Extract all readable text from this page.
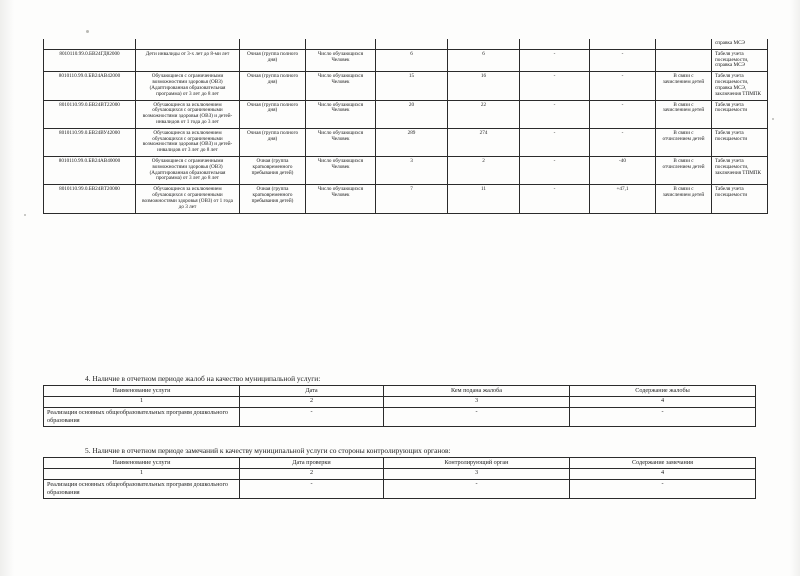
									справка МСЭ
8010110.99.0.БВ24ГД82000	Дети инвалиды от 3-х лет до 8-ми лет	Очная (группа полного дня)	Число обучающихся Человек	6	6	-	-		Табеля учета посещаемости, справка МСЭ
8010110.99.0.БВ24АВ42000	Обучающиеся с ограниченными возможностями здоровья (ОВЗ) (Адаптированная образовательная программа) от 3 лет до 8 лет	Очная (группа полного дня)	Число обучающихся Человек	15	16	-	-	В связи с зачислением детей	Табеля учета посещаемости, справка МСЭ, заключения ТПМПК
8010110.99.0.БВ24ВТ22000	Обучающиеся за исключением обучающихся с ограниченными возможностями здоровья (ОВЗ) и детей-инвалидов от 1 года до 3 лет	Очная (группа полного дня)	Число обучающихся Человек	20	22	-	-	В связи с зачислением детей	Табеля учета посещаемости
8010110.99.0.БВ24ВУ42000	Обучающиеся за исключением обучающихся с ограниченными возможностями здоровья (ОВЗ) и детей-инвалидов от 3 лет до 8 лет	Очная (группа полного дня)	Число обучающихся Человек	289	274	-	-	В связи с отчислением детей	Табеля учета посещаемости
8010110.99.0.БВ24АВ40000	Обучающиеся с ограниченными возможностями здоровья (ОВЗ) (Адаптированная образовательная программа) от 3 лет до 8 лет	Очная (группа кратковременного пребывания детей)	Число обучающихся Человек	3	2	-	-40	В связи с отчислением детей	Табеля учета посещаемости, заключения ТПМПК
8010110.99.0.БВ24ВТ20000	Обучающиеся за исключением обучающихся с ограниченными возможностями здоровья (ОВЗ) от 1 года до 3 лет	Очная (группа кратковременного пребывания детей)	Число обучающихся Человек	7	11	-	+47,1	В связи с зачислением детей	Табеля учета посещаемости
4. Наличие в отчетном периоде жалоб на качество муниципальной услуги:
Наименование услуги	Дата	Кем подана жалоба	Содержание жалобы
1	2	3	4
Реализация основных общеобразовательных программ дошкольного образования	-	-	-
5. Наличие в отчетном периоде замечаний к качеству муниципальной услуги со стороны контролирующих органов:
Наименование услуги	Дата проверки	Контролирующий орган	Содержание замечания
1	2	3	4
Реализация основных общеобразовательных программ дошкольного образования	-	-	-
